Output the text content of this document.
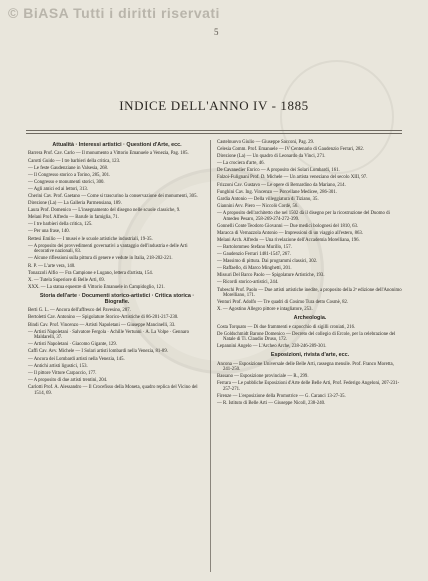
© BiASA Tutti i diritti riservati
5
INDICE DELL'ANNO IV - 1885
Attualità · Interessi artistici · Questioni d'Arte, ecc.
Barrera Prof. Cav. Carlo — Il monumento a Vittorio Emanuele a Venezia, Pag. 185.
Carotti Guido — I tre barbieri della critica, 123.
— Le feste Gaudenziane in Valsesia, 268.
— Il Congresso storico a Torino, 285, 301.
— Congresso e monumenti storici, 300.
— Agli amici ed ai lettori, 313.
Cherini Cav. Prof. Gaetano — Come si trascurino la conservazione dei monumenti, 305.
Direzione (La) — La Galleria Parmensiana, 189.
Laura Prof. Domenico — L'insegnamento del disegno nelle scuole classiche, 9.
Melani Prof. Alfredo — Barufe in famiglia, 71.
— I tre barbieri della critica, 125.
— Per una frase, 140.
Rettesi Emilio — I musei e le scuole artistiche industriali, 19-35.
— A proposito dei provvedimenti governativi a vantaggio dell'industria e delle Arti decorative nazionali, 83.
— Alcune riflessioni sulla pittura di genere e vedute in Italia, 218-202-221.
R. P. — L'arte vera, 140.
Tonazzoli Alfio — Fra Campione e Lugano, lettera d'artista, 154.
X. — Tutela Superiore di Belle Arti, 69.
XXX. — La statua equestre di Vittorio Emanuele in Campidoglio, 121.
Storia dell'arte · Documenti storico-artistici · Critica storica · Biografie.
Berti G. L. — Ancora dell'affresco del Pavesino, 287.
Bertoletti Cav. Antonino — Spigolature Storico-Artistiche di 86-201-217-230.
Bindi Cav. Prof. Vincenzo — Artisti Napoletani — Giuseppe Mancinelli, 33.
— Artisti Napoletani · Salvatore Fergola · Achille Vertunni · A. La Volpe · Gennaro Maldarelli, 37.
— Artisti Napoletani · Giacomo Gigante, 129.
Caffi Cav. Avv. Michele — I Solari artisti lombardi nella Venezia, 81-89.
— Ancora dei Lombardi artisti nella Venezia, 145.
— Antichi artisti ligustici, 153.
— Il pittore Vittore Carpaccio, 177.
— A proposito di due artisti trentini, 204.
Carlotti Prof. A. Alessandro — Il Crocefisso della Moneta, quadro replica del Vicino del 1514, 69.
Castelnuovo Giulio — Giuseppe Sacconi, Pag. 29.
Celesia Comm. Prof. Emanuele — IV Centenario di Gaudenzio Ferrari, 282.
Direzione (La) — Un quadro di Leonardo da Vinci, 271.
— La crociera d'arte, 46.
De Cavanedier Enrico — A proposito dei Solari Lombardi, 161.
Falzoi-Fulignani Prof. D. Michele — Un artista veneziano del secolo XIII, 97.
Frizzoni Cav. Gustavo — Le opere di Bernardino da Mariano, 214.
Funghini Cav. Ing. Vincenzo — Porcellane Medicee, 286-301.
Gardia Antonio — Della villeggiatura di Tiziano, 35.
Giannini Avv. Piero — Niccolò Cordè, 56.
— A proposito dell'architetto che nel 1502 dà il disegno per la ricostruzione del Duomo di Amedeo Pesaro, 258-269-274-272-399.
Gonnelli Conte Teodoro Giovanni — Due medici bolognesi del 1810, 63.
Maracca di Vernazzola Antonio — Impressioni di un viaggio all'estero, 863.
Melani Arch. Alfredo — Una rivelazione dell'Accademia Morelliana, 196.
— Bartolommeo Stefano Murillo, 157.
— Gaudenzio Ferrari 1481-1547, 267.
— Massimo di pittura. Dai programmi classici, 302.
— Raffaello, di Marco Minghetti, 201.
Missuri Del Barco Paolo — Spigolature Artistiche, 193.
— Ricordi storico-artistici, 244.
Tubeschi Prof. Paolo — Due artisti artistiche inedite, a proposito della 2ª edizione dell'Anonimo Morelliano, 171.
Venturi Prof. Adolfo — Tre quadri di Cosimo Tura detto Cosmè, 82.
X. — Agostino Allegro pittore e intagliatore, 253.
Archeologia.
Costa Torquato — Di due frammenti e capocchio di sigilli croniati, 216.
De Goldschmidt Barone Domenico — Decreto del collegio di Ercole, per la celebrazione del Natale di Ti. Claudio Druso, 172.
Lepannini Angelo — L'Archeo Arche, 238-246-289-301.
Esposizioni, rivista d'arte, ecc.
Ancona — Esposizione Universale delle Belle Arti, rassegna mensile. Prof. Franco Moretta, 241-250.
Bassano — Esposizione provinciale — R., 299.
Ferrara — Le pubbliche Esposizioni d'Arte delle Belle Arti, Prof. Federigo Angeloni, 207-231-257-271.
Firenze — L'esposizione della Promotrice — G. Caranci 13-27-35.
— R. Istituto di Belle Arti — Giuseppe Nicoll, 238-240.
